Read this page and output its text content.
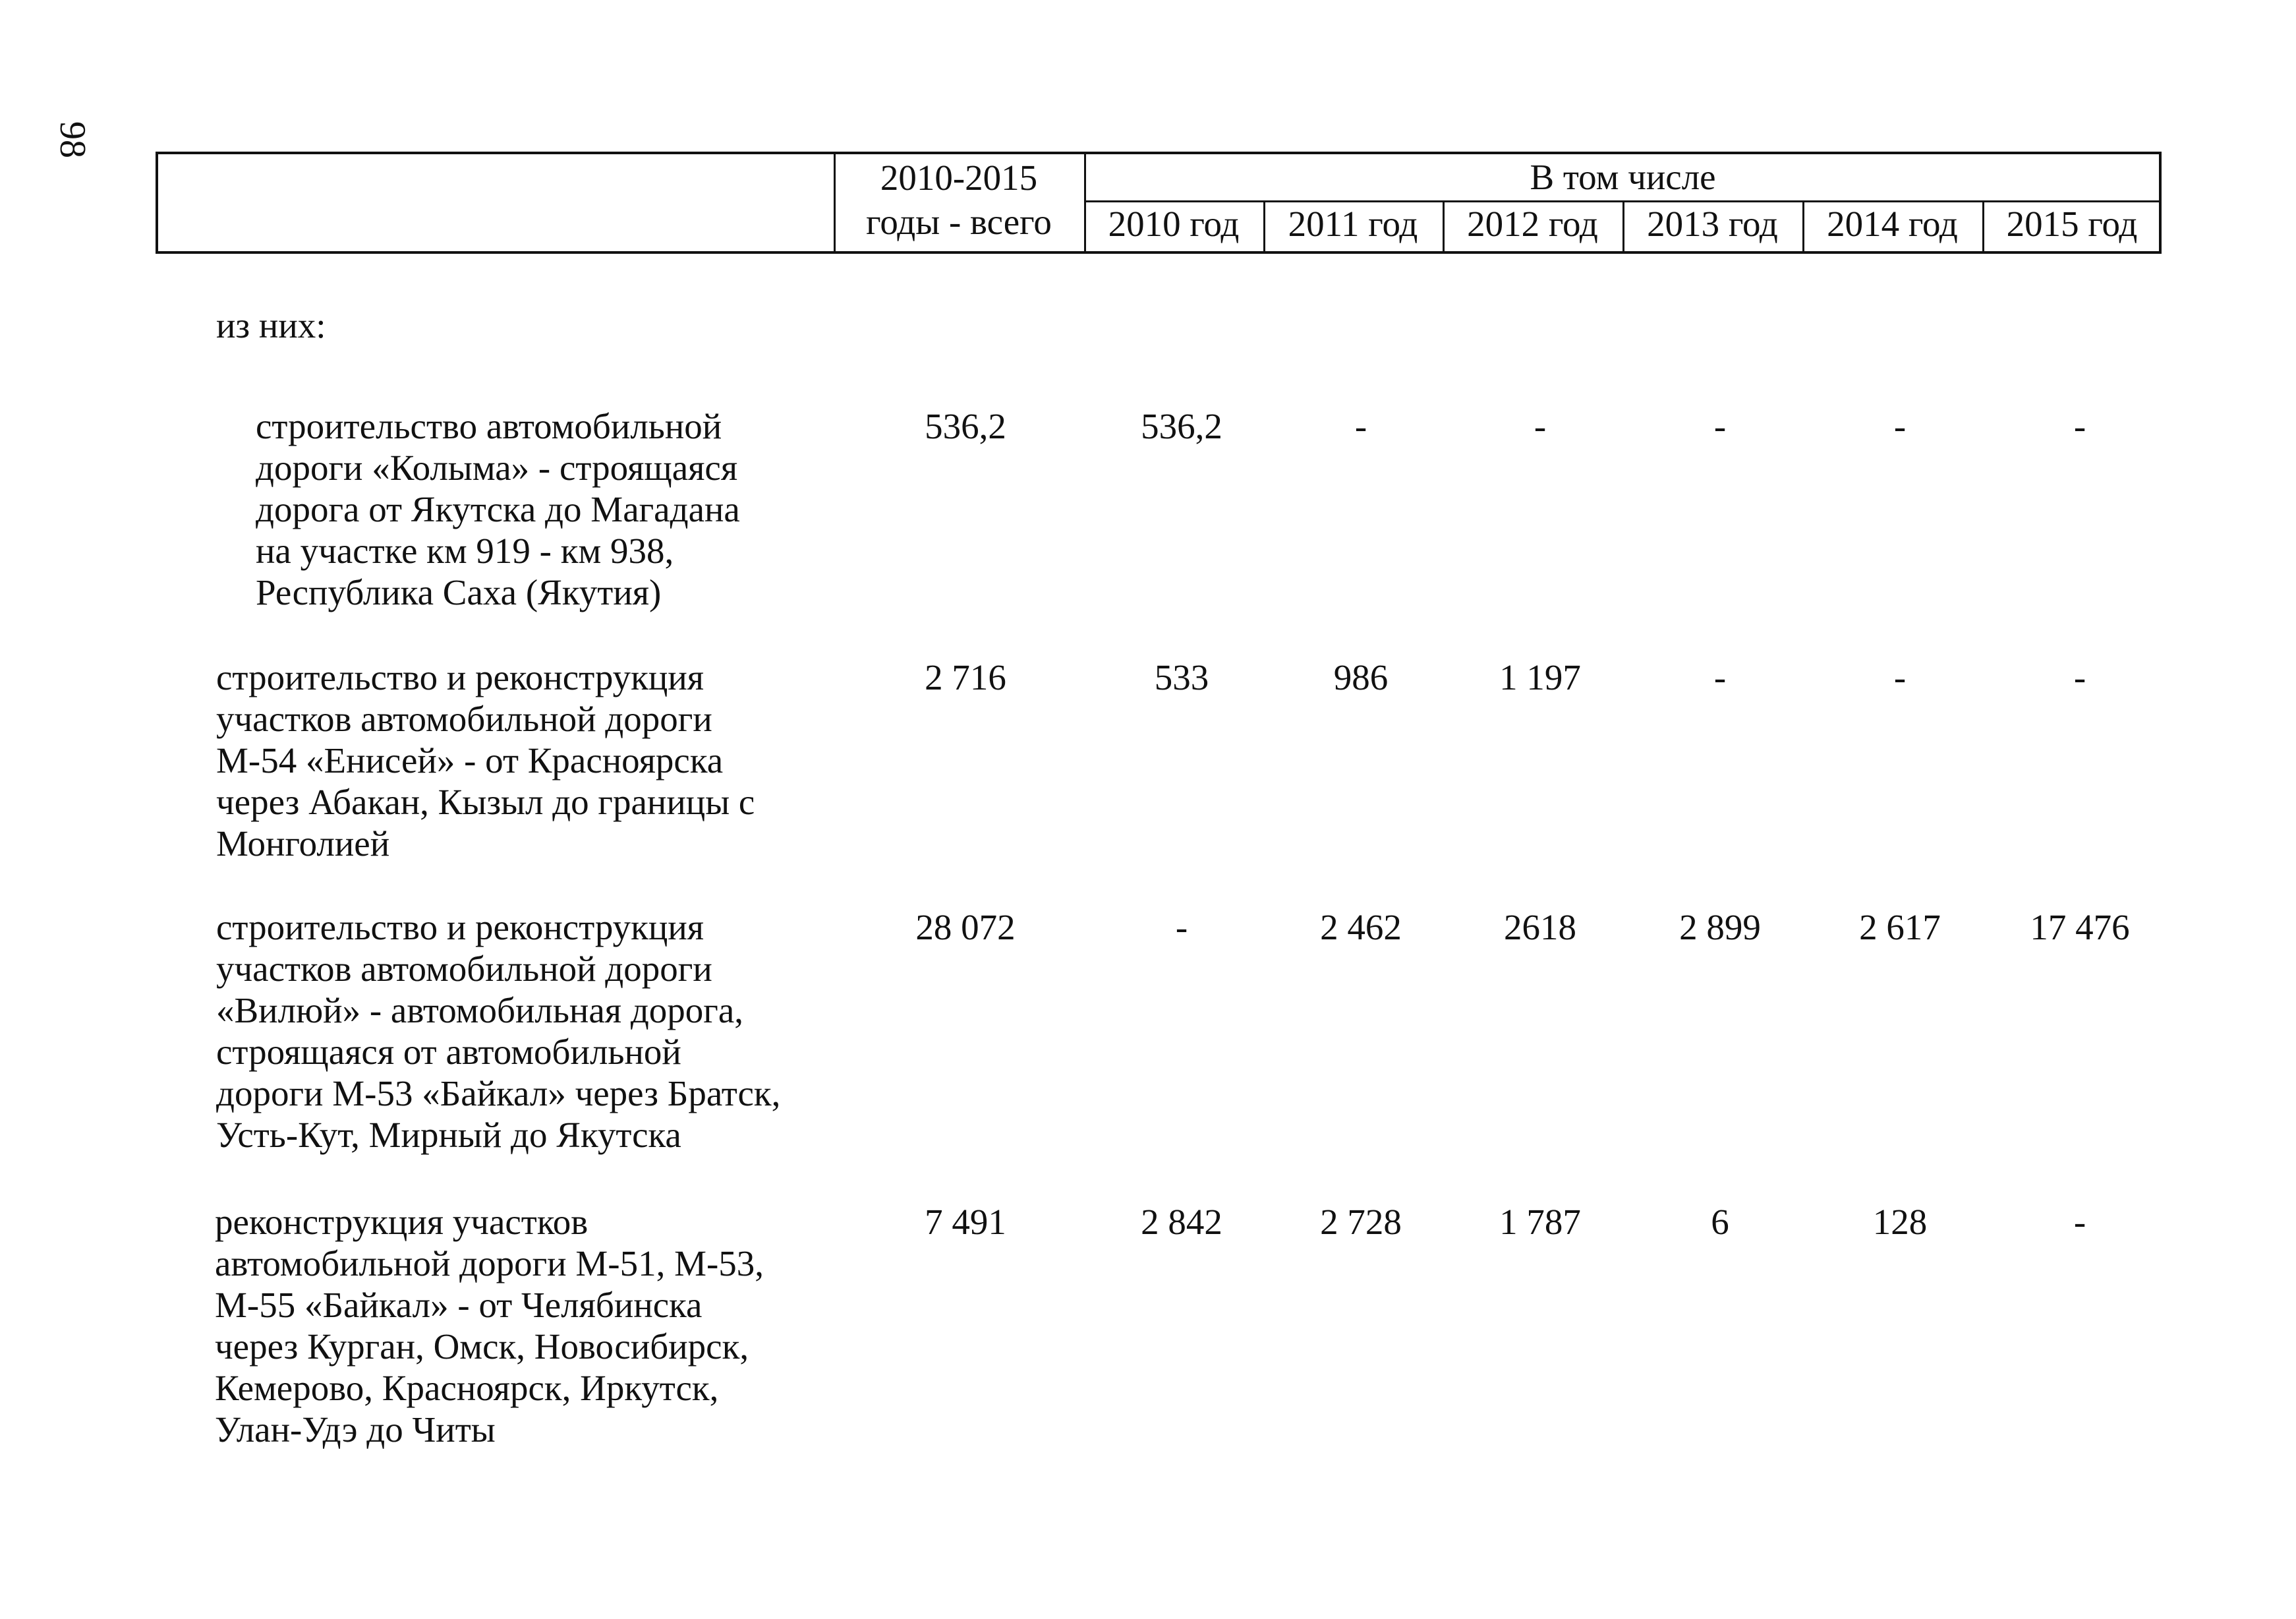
98
2010-2015
годы - всего
В том числе
2010 год	2011 год	2012 год	2013 год	2014 год	2015 год
из них:
строительство автомобильной
дороги «Колыма» - строящаяся
дорога от Якутска до Магадана
на участке км 919 - км 938,
Республика Саха (Якутия)
536,2	536,2	-	-	-	-	-
строительство и реконструкция
участков автомобильной дороги
М-54 «Енисей» - от Красноярска
через Абакан, Кызыл до границы с
Монголией
2 716	533	986	1 197	-	-	-
строительство и реконструкция
участков автомобильной дороги
«Вилюй» - автомобильная дорога,
строящаяся от автомобильной
дороги М-53 «Байкал» через Братск,
Усть-Кут, Мирный до Якутска
28 072	-	2 462	2618	2 899	2 617	17 476
реконструкция участков
автомобильной дороги М-51, М-53,
М-55 «Байкал» - от Челябинска
через Курган, Омск, Новосибирск,
Кемерово, Красноярск, Иркутск,
Улан-Удэ до Читы
7 491	2 842	2 728	1 787	6	128	-
